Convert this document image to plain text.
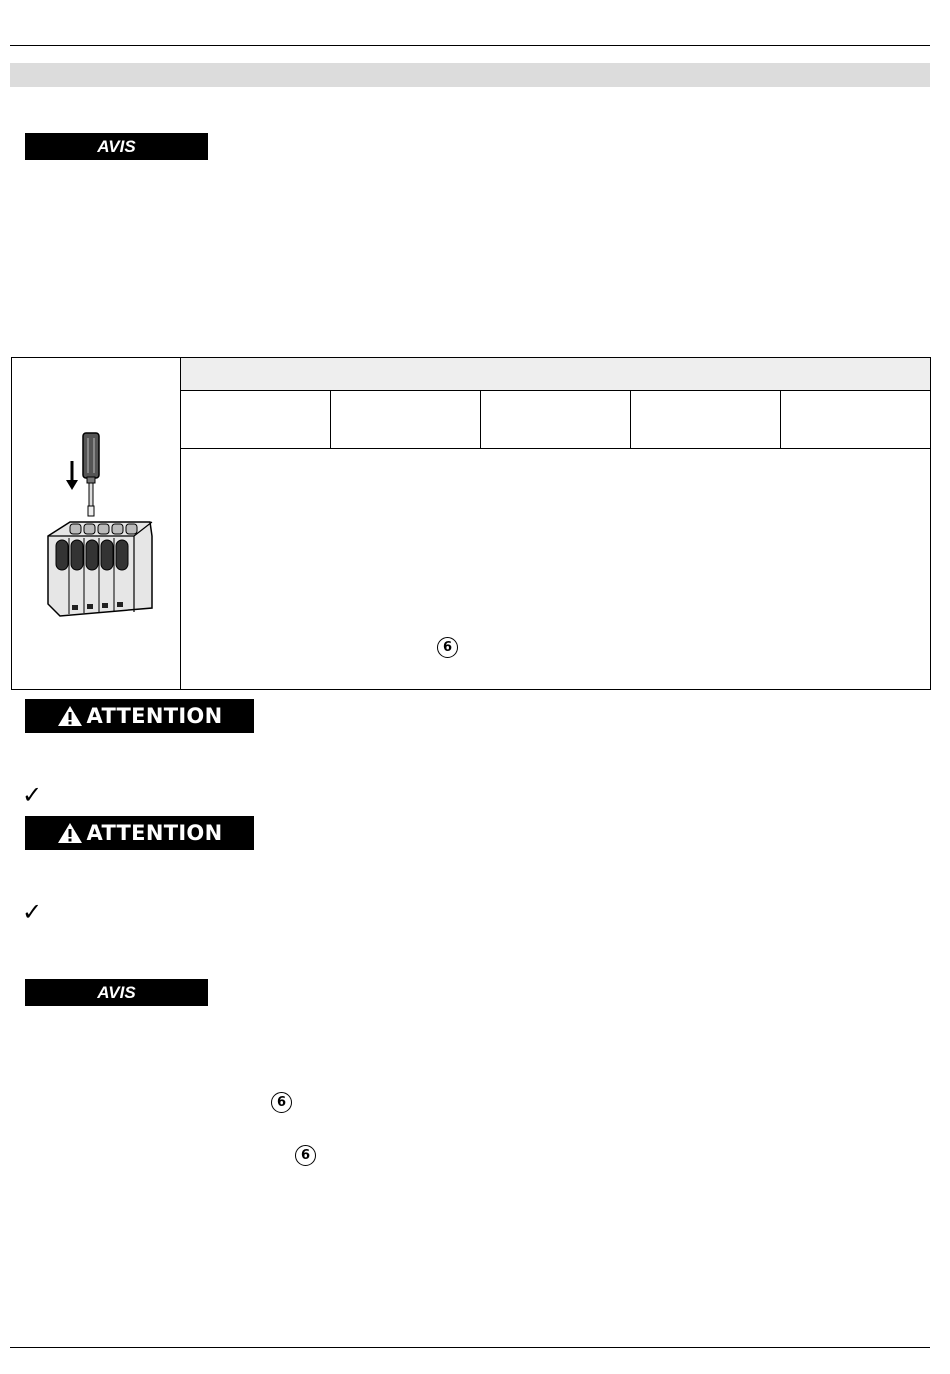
AVIS
6
ATTENTION
✓
ATTENTION
✓
AVIS
6
6
